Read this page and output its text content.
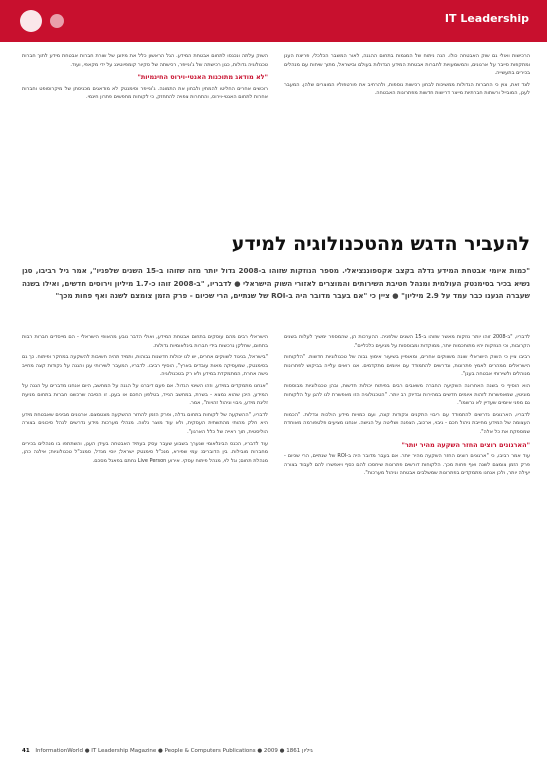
IT Leadership

השוק עלתה ונכנסו לתחום אבטחת המידע. הגל הראשון כלל את מיזוגן של שורת חברות אבטחת מידע לתוך חברות טכנולוגיה גדולות, כגון רכישתה של ג'ונייפר, רכישתה של סקיור קומפיוטינג על ידי מקאפי, ועוד.

"לא מודאג מתוכנות האנטי-וירוס החינמיות"

רוכשים אחרים החליטו להמתין ולבחון את התמונה. ג'ונייפר וסימנטק לא מודאגים מכניסתן של מיקרוסופט וחברות אחרות לתחום האנטי-וירוס, והתחרות צפויה להתחזק, כי לקוחות מחפשים פתרון חינמי.

הרכישות ואולי גם שוק האבטחה כולו. הנה ניתוח של המגמות בתחום ההגנה, לאור המשבר הכלכלי, פריצת הענן ומתקפות סייבר על ארגונים, והמשמעויות לחברות אבטחת המידע הגדולות בעולם ובישראל, מתוך שיחות עם מנהלים בכירים בתעשייה.

לצד זאת, צוין כי החברות הגדולות ממשיכות לבחון רכישות נוספות, ולהרחיב את פורטפוליו המוצרים שלהן. המעבר לענן, המובייל ורשתות חברתיות מייצר דרישות חדשות מפתרונות האבטחה.

להעביר הדגש מהטכנולוגיה למידע
"כמות איומי אבטחת המידע גדלה בקצב אקספוננציאלי. מספר הנוזקות שזוהו ב-2008 גדול יותר מזה שזוהו ב-15 השנים שלפניו", אמר גיל רביבו, סגן נשיא בכיר בסימנטק העולמית ומנהל חטיבת השירותים והמוצרים לאזורי השוק הישראלי ● לדבריו, "ב-2008 זוהו כ-1.7 מיליון וירוסים חדשים, ואילו בשנה שעברה הגענו כבר עמד על 2.9 מיליון" ● ציין כי "אם בעבר מדובר היה ב-ROI של שנתיים, הרי שכיום - פרק הזמן צומצם לשנה ואף פחות מכך"

הישראלי רבים מהם עוסקים בתחום אבטחת המידע, ואולי הדבר נובע מהאופי הישראלי - הם מייסדים חברות רבות בתחום, שחלקן נרכשות בידי חברות בינלאומיות גדולות.

"בישראל, בניגוד לשווקים אחרים, יש לנו יכולות חדשנות גבוהות, ותמיד תהיה חשיבות להשקעה במחקר ופיתוח. כך גם בסימנטק, שמעסיקה מאות עובדים בארץ", הוסיף רביבו. לדבריו, המעבר לשירותי ענן והגנה על נקודות קצה מחייב גישה אחרת, המתמקדת במידע ולא רק בטכנולוגיה.

"אנחנו מתמקדים במידע, וזהו השינוי הגדול. אם פעם דיברנו על הגנה על המחשב, היום אנחנו מדברים על הגנה על המידע, היכן שהוא נמצא - בשרת, במחשב הנייד, בטלפון החכם או בענן. זו הסיבה שרכשנו חברות בתחום מניעת זליגת מידע, גיבוי וניהול זהויות", אמר.

לדבריו, "ההשקעה של לקוחות בתחום גדלה, ופרק הזמן להחזר ההשקעה מצטמצם. ארגונים מבינים שאבטחת מידע היא חלק מהותי מהתשתית העסקית, ולא עוד מוצר נלווה. מנהלי מערכות מידע נדרשים לנהל סיכונים בצורה הוליסטית, תוך ראייה של כלל הארגון".

עוד לדבריו, הכנס הבינלאומי שנערך בשבוע שעבר עסק בעתיד האבטחה בעידן הענן, והשתתפו בו מנהלים בכירים מחברות מובילות. בין הדוברים: עמי שפירא, מנכ"ל סימנטק ישראל; יוסי מנדל, סמנכ"ל טכנולוגיות; אילנה כהן, מנהלת תחום; וגל לוי, מנהל פיתוח עסקי. אירוע Live Person נחתם בפאנל מסכם.

לדבריו, "ב-2008 זוהו יותר נוזקות מאשר שזוהו ב-15 השנים שלפניה. ההערכות הן, שהמספר ימשיך לעלות בשנים הקרובות, וכי הנוזקות יהיו מתוחכמות יותר, ממוקדות ומבוססות על מניעים כלכליים".

רביבו ציין כי השוק הישראלי שונה משווקים אחרים, ומאופיין בשיעור אימוץ גבוה של טכנולוגיות חדשות. "הלקוחות הישראלים ממהרים לאמץ פתרונות, ונדרשים להתמודד עם איומים מתקדמים. אנו רואים עלייה בביקוש לפתרונות מנוהלים ולשירותי אבטחה בענן".

הוא הוסיף כי בשנה האחרונה השקיעה החברה משאבים רבים בפיתוח יכולות חדשות, ובהן טכנולוגיות מבוססות מוניטין, שמאפשרות לזהות איומים חדשים במהירות ובדיוק רב יותר. "הטכנולוגיה הזו מאפשרת לנו להגן על הלקוחות גם מפני איומים שעדיין לא נרשמו".

לדבריו, הארגונים נדרשים להתמודד עם ריבוי התקנים ונקודות קצה, ועם כמויות מידע הולכות וגדלות. "הכמות העצומה של המידע מחייבת ניהול חכם - גיבוי, ארכוב, הצפנה ושליטה על הגישה. אנחנו מציעים פלטפורמה מאוחדת שמספקת את כל אלה".

"הארגונים רוצים החזר השקעה מהיר יותר"

עוד אמר רביבו, כי "ארגונים רוצים החזר השקעה מהיר יותר. אם בעבר מדובר היה ב-ROI של שנתיים, הרי שכיום - פרק הזמן צומצם לשנה ואף פחות מכך. הלקוחות דורשים פתרונות שיחסכו להם כסף ויאפשרו להם לעבוד בצורה יעילה יותר, ולכן אנחנו מתמקדים בפתרונות שמשלבים אבטחה וניהול מערכות".

41 InformationWorld ● IT Leadership Magazine ● People & Computers Publications ● 2009 ● גיליון 1861
